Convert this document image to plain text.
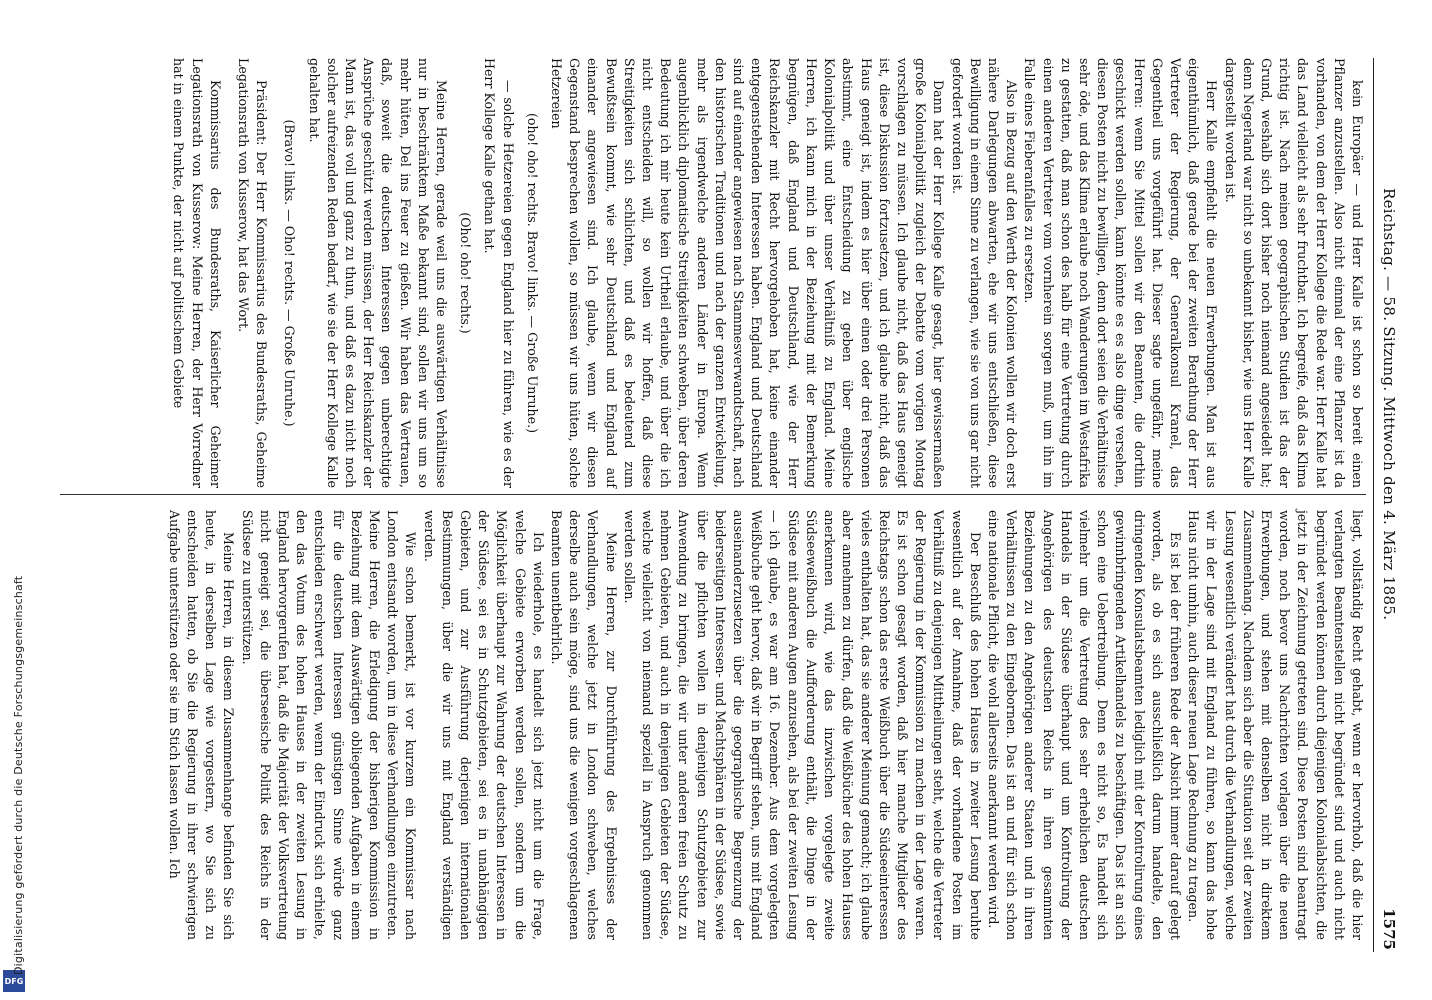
DFG
Digitalisierung gefördert durch die Deutsche Forschungsgemeinschaft
Reichstag. — 58. Sitzung. Mittwoch den 4. März 1885.
1575

kein Europäer — und Herr Kalle ist schon so bereit einen Pflanzer anzustellen. Also nicht einmal der eine Pflanzer ist da vorhanden, von dem der Herr Kollege die Rede war. Herr Kalle hat das Land vielleicht als sehr fruchtbar. Ich begreife, daß das Klima richtig ist. Nach meinen geographischen Studien ist das der Grund, weshalb sich dort bisher noch niemand angesiedelt hat; denn Negerland war nicht so unbekannt bisher, wie uns Herr Kalle dargestellt worden ist.

Herr Kalle empfiehlt die neuen Erwerbungen. Man ist aus eigenthümlich, daß gerade bei der zweiten Berathung der Herr Vertreter der Regierung, der Generalkonsul Kranel, das Gegentheil uns vorgeführt hat. Dieser sagte ungefähr, meine Herren: wenn Sie Mittel sollen wir den Beamten, die dorthin geschickt werden sollen, kann könnte es es also dinge versehen, diesen Posten nicht zu bewilligen, denn dort seien die Verhältnisse sehr öde, und das Klima erlaube noch Wanderungen im Westafrika zu gestatten, daß man schon des halb für eine Vertretung durch einen anderen Vertreter vom vornherein sorgen muß, um ihn im Falle eines Fieberanfalles zu ersetzen.

Also in Bezug auf den Werth der Kolonien wollen wir doch erst nähere Darlegungen abwarten, ehe wir uns entschließen, diese Bewilligung in einem Sinne zu verlangen, wie sie von uns gar nicht gefordert worden ist.

Dann hat der Herr Kollege Kalle gesagt, hier gewissermaßen große Kolonialpolitik zugleich der Debatte vom vorigen Montag vorschlagen zu müssen. Ich glaube nicht, daß das Haus geneigt ist, diese Diskussion fortzusetzen, und ich glaube nicht, daß das Haus geneigt ist, indem es hier über einen oder drei Personen abstimmt, eine Entscheidung zu geben über englische Kolonialpolitik und über unser Verhältniß zu England. Meine Herren, ich kann mich in der Beziehung mit der Bemerkung begnügen, daß England und Deutschland, wie der Herr Reichskanzler mit Recht hervorgehoben hat, keine einander entgegenstehenden Interessen haben. England und Deutschland sind auf einander angewiesen nach Stammesverwandtschaft, nach den historischen Traditionen und nach der ganzen Entwickelung, mehr als irgendwelche anderen Länder in Europa. Wenn augenblicklich diplomatische Streitigkeiten schweben, über deren Bedeutung ich mir heute kein Urtheil erlaube, und über die ich nicht entscheiden will, so wollen wir hoffen, daß diese Streitigkeiten sich schlichten, und daß es bedeutend zum Bewußtsein kommt, wie sehr Deutschland und England auf einander angewiesen sind. Ich glaube, wenn wir diesen Gegenstand besprechen wollen, so müssen wir uns hüten, solche Hetzereien

(oho! oho! rechts. Bravo! links. — Große Unruhe.)

— solche Hetzereien gegen England hier zu führen, wie es der Herr Kollege Kalle gethan hat.

(Oho! oho! rechts.)

Meine Herren, gerade weil uns die auswärtigen Verhältnisse nur in beschränktem Maße bekannt sind, sollen wir uns um so mehr hüten, Del ins Feuer zu gießen. Wir haben das Vertrauen, daß, soweit die deutschen Interessen gegen unberechtigte Ansprüche geschützt werden müssen, der Herr Reichskanzler der Mann ist, das voll und ganz zu thun, und daß es dazu nicht noch solcher aufreizenden Reden bedarf, wie sie der Herr Kollege Kalle gehalten hat.

(Bravo! links. — Oho! rechts. — Große Unruhe.)

Präsident: Der Herr Kommissarius des Bundesraths, Geheime Legationsrath von Kusserow, hat das Wort.

Kommissarius des Bundesraths, Kaiserlicher Geheimer Legationsrath von Kusserow: Meine Herren, der Herr Vorredner hat in einem Punkte, der nicht auf politischem Gebiete

liegt, vollständig Recht gehabt, wenn er hervorhob, daß die hier verlangten Beamtenstellen nicht begründet sind und auch nicht begründet werden können durch diejenigen Kolonialabsichten, die jetzt in der Zeichnung getreten sind. Diese Posten sind beantragt worden, noch bevor uns Nachrichten vorlagen über die neuen Erwerbungen, und stehen mit denselben nicht in direktem Zusammenhang. Nachdem sich aber die Situation seit der zweiten Lesung wesentlich verändert hat durch die Verhandlungen, welche wir in der Lage sind mit England zu führen, so kann das hohe Haus nicht umhin, auch dieser neuen Lage Rechnung zu tragen.

Es ist bei der früheren Rede der Absicht immer darauf gelegt worden, als ob es sich ausschließlich darum handelte, den dringenden Konsulatsbeamten lediglich mit der Kontrolirung eines gewinnbringenden Artikelhandels zu beschäftigen. Das ist an sich schon eine Uebertreibung. Denn es nicht so, Es handelt sich vielmehr um die Vertretung des sehr erheblichen deutschen Handels in der Südsee überhaupt und um Kontrolirung der Angehörigen des deutschen Reichs in ihren gesammten Beziehungen zu den Angehörigen anderer Staaten und in ihren Verhältnissen zu den Eingebornen. Das ist an und für sich schon eine nationale Pflicht, die wohl allerseits anerkannt werden wird.

Der Beschluß des hohen Hauses in zweiter Lesung beruhte wesentlich auf der Annahme, daß der vorhandene Posten im Verhältniß zu denjenigen Mittheilungen steht, welche die Vertreter der Regierung in der Kommission zu machen in der Lage waren. Es ist schon gesagt worden, daß hier manche Mitglieder des Reichstags schon das erste Weißbuch über die Südseeinteressen vieles enthalten hat, das sie anderer Meinung gemacht; ich glaube aber annehmen zu dürfen, daß die Weißbücher des hohen Hauses anerkennen wird, wie das inzwischen vorgelegte zweite Südseeweißbuch die Aufforderung enthält, die Dinge in der Südsee mit anderen Augen anzusehen, als bei der zweiten Lesung — ich glaube, es war am 16. Dezember. Aus dem vorgelegten Weißbuche geht hervor, daß wir in Begriff stehen, uns mit England auseinanderzusetzen über die geographische Begrenzung der beiderseitigen Interessen- und Machtsphären in der Südsee, sowie über die pflichten wollen in denjenigen Schutzgebieten zur Anwendung zu bringen, die wir unter anderen freien Schutz zu nehmen Gebieten, und auch in denjenigen Gebieten der Südsee, welche vielleicht von niemand speziell in Anspruch genommen werden sollen.

Meine Herren, zur Durchführung des Ergebnisses der Verhandlungen, welche jetzt in London schweben, welches derselbe auch sein möge, sind uns die wenigen vorgeschlagenen Beamten unentbehrlich.

Ich wiederhole, es handelt sich jetzt nicht um die Frage, welche Gebiete erworben werden sollen, sondern um die Möglichkeit überhaupt zur Wahrung der deutschen Interessen in der Südsee, sei es in Schutzgebieten, sei es in unabhängigen Gebieten, und zur Ausführung derjenigen internationalen Bestimmungen, über die wir uns mit England verständigen werden.

Wie schon bemerkt, ist vor kurzem ein Kommissar nach London entsandt worden, um in diese Verhandlungen einzutreten. Meine Herren, die Erledigung der bisherigen Kommission in Beziehung mit dem Auswärtigen obliegenden Aufgaben in einem für die deutschen Interessen günstigen Sinne würde ganz entschieden erschwert werden, wenn der Eindruck sich erhielte, den das Votum des hohen Hauses in der zweiten Lesung in England hervorgerufen hat, daß die Majorität der Volksvertretung nicht geneigt sei, die überseeische Politik des Reichs in der Südsee zu unterstützen.

Meine Herren, in diesem Zusammenhange befinden Sie sich heute, in derselben Lage wie vorgestern, wo Sie sich zu entscheiden hatten, ob Sie die Regierung in ihrer schwierigen Aufgabe unterstützen oder sie im Stich lassen wollen. Ich
